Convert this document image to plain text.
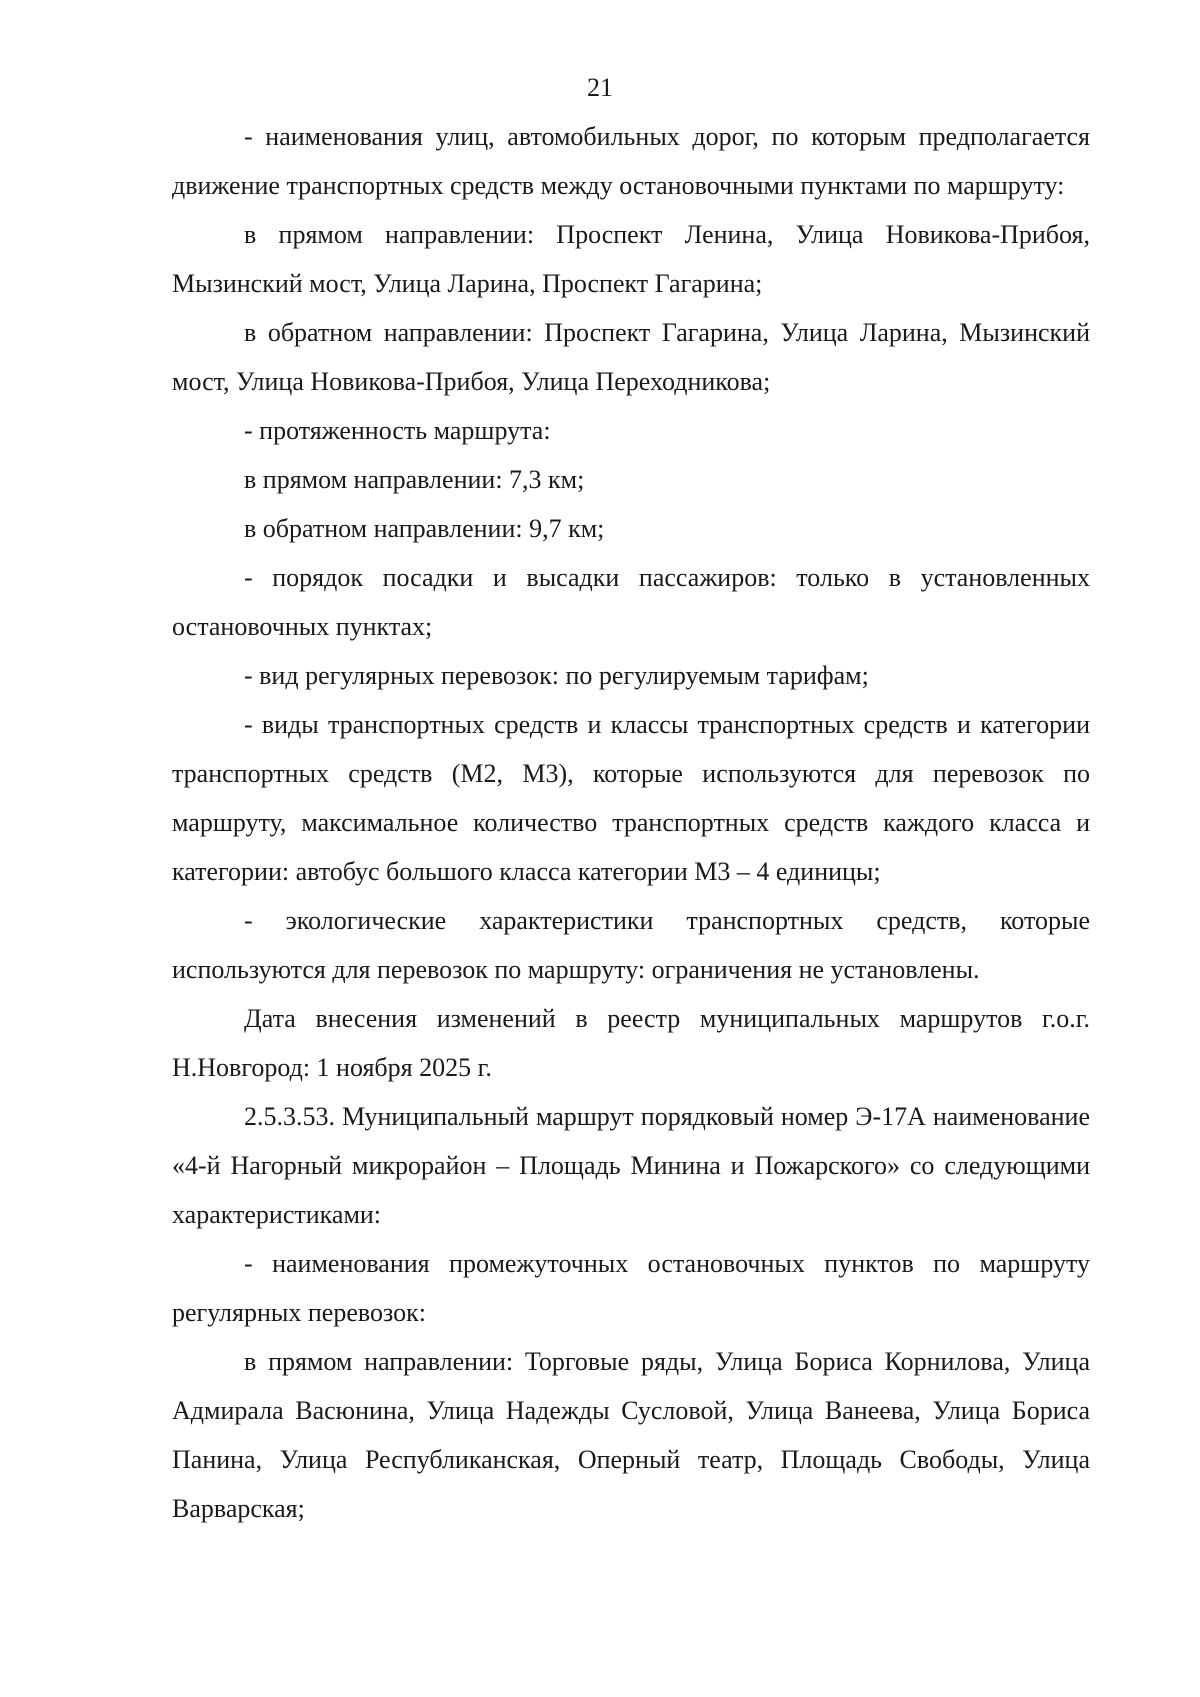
21

- наименования улиц, автомобильных дорог, по которым предполагается движение транспортных средств между остановочными пунктами по маршруту:

в прямом направлении: Проспект Ленина, Улица Новикова-Прибоя, Мызинский мост, Улица Ларина, Проспект Гагарина;

в обратном направлении: Проспект Гагарина, Улица Ларина, Мызинский мост, Улица Новикова-Прибоя, Улица Переходникова;

- протяженность маршрута:

в прямом направлении: 7,3 км;

в обратном направлении: 9,7 км;

- порядок посадки и высадки пассажиров: только в установленных остановочных пунктах;

- вид регулярных перевозок: по регулируемым тарифам;

- виды транспортных средств и классы транспортных средств и категории транспортных средств (М2, М3), которые используются для перевозок по маршруту, максимальное количество транспортных средств каждого класса и категории: автобус большого класса категории М3 – 4 единицы;

- экологические характеристики транспортных средств, которые используются для перевозок по маршруту: ограничения не установлены.

Дата внесения изменений в реестр муниципальных маршрутов г.о.г. Н.Новгород: 1 ноября 2025 г.

2.5.3.53. Муниципальный маршрут порядковый номер Э-17А наименование «4-й Нагорный микрорайон – Площадь Минина и Пожарского» со следующими характеристиками:

- наименования промежуточных остановочных пунктов по маршруту регулярных перевозок:

в прямом направлении: Торговые ряды, Улица Бориса Корнилова, Улица Адмирала Васюнина, Улица Надежды Сусловой, Улица Ванеева, Улица Бориса Панина, Улица Республиканская, Оперный театр, Площадь Свободы, Улица Варварская;
